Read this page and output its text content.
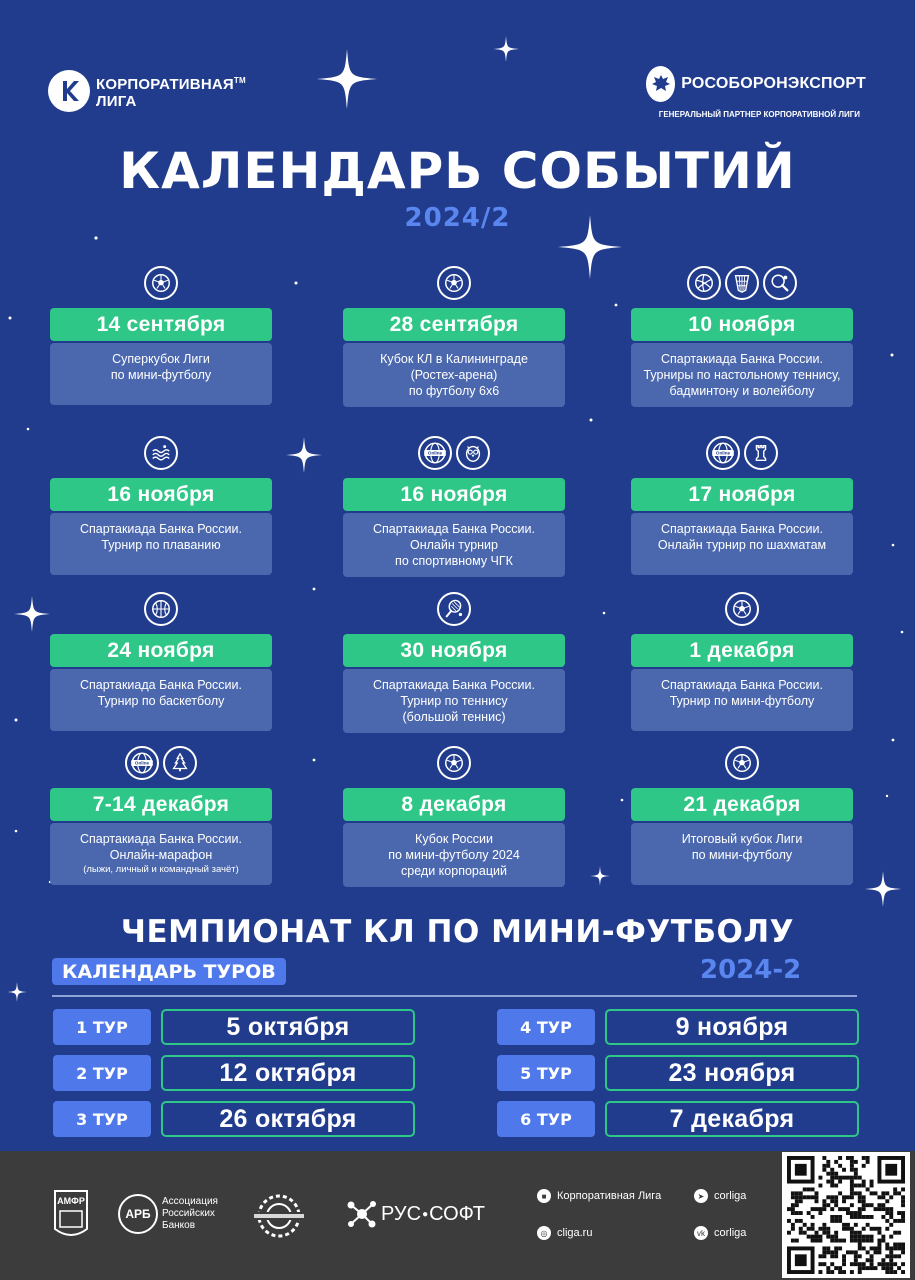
КОРПОРАТИВНАЯ™
ЛИГА
РОСОБОРОНЭКСПОРТ
ГЕНЕРАЛЬНЫЙ ПАРТНЕР КОРПОРАТИВНОЙ ЛИГИ
КАЛЕНДАРЬ СОБЫТИЙ
2024/2
14 сентября
Суперкубок Лиги
по мини-футболу
28 сентября
Кубок КЛ в Калининграде
(Ростех-арена)
по футболу 6х6
10 ноября
Спартакиада Банка России.
Турниры по настольному теннису,
бадминтону и волейболу
16 ноября
Спартакиада Банка России.
Турнир по плаванию
Online
16 ноября
Спартакиада Банка России.
Онлайн турнир
по спортивному ЧГК
Online
17 ноября
Спартакиада Банка России.
Онлайн турнир по шахматам
24 ноября
Спартакиада Банка России.
Турнир по баскетболу
30 ноября
Спартакиада Банка России.
Турнир по теннису
(большой теннис)
1 декабря
Спартакиада Банка России.
Турнир по мини-футболу
Online
7-14 декабря
Спартакиада Банка России.
Онлайн-марафон
(лыжи, личный и командный зачёт)
8 декабря
Кубок России
по мини-футболу 2024
среди корпораций
21 декабря
Итоговый кубок Лиги
по мини-футболу
ЧЕМПИОНАТ КЛ ПО МИНИ-ФУТБОЛУ
КАЛЕНДАРЬ ТУРОВ	2024-2
1 ТУР	5 октября
2 ТУР	12 октября
3 ТУР	26 октября
4 ТУР	9 ноября
5 ТУР	23 ноября
6 ТУР	7 декабря
АМФР
АРБ
Ассоциация
Российских
Банков
РУС ● СОФТ
■ Корпоративная Лига	➤ corliga
◎ cliga.ru	vk corliga
